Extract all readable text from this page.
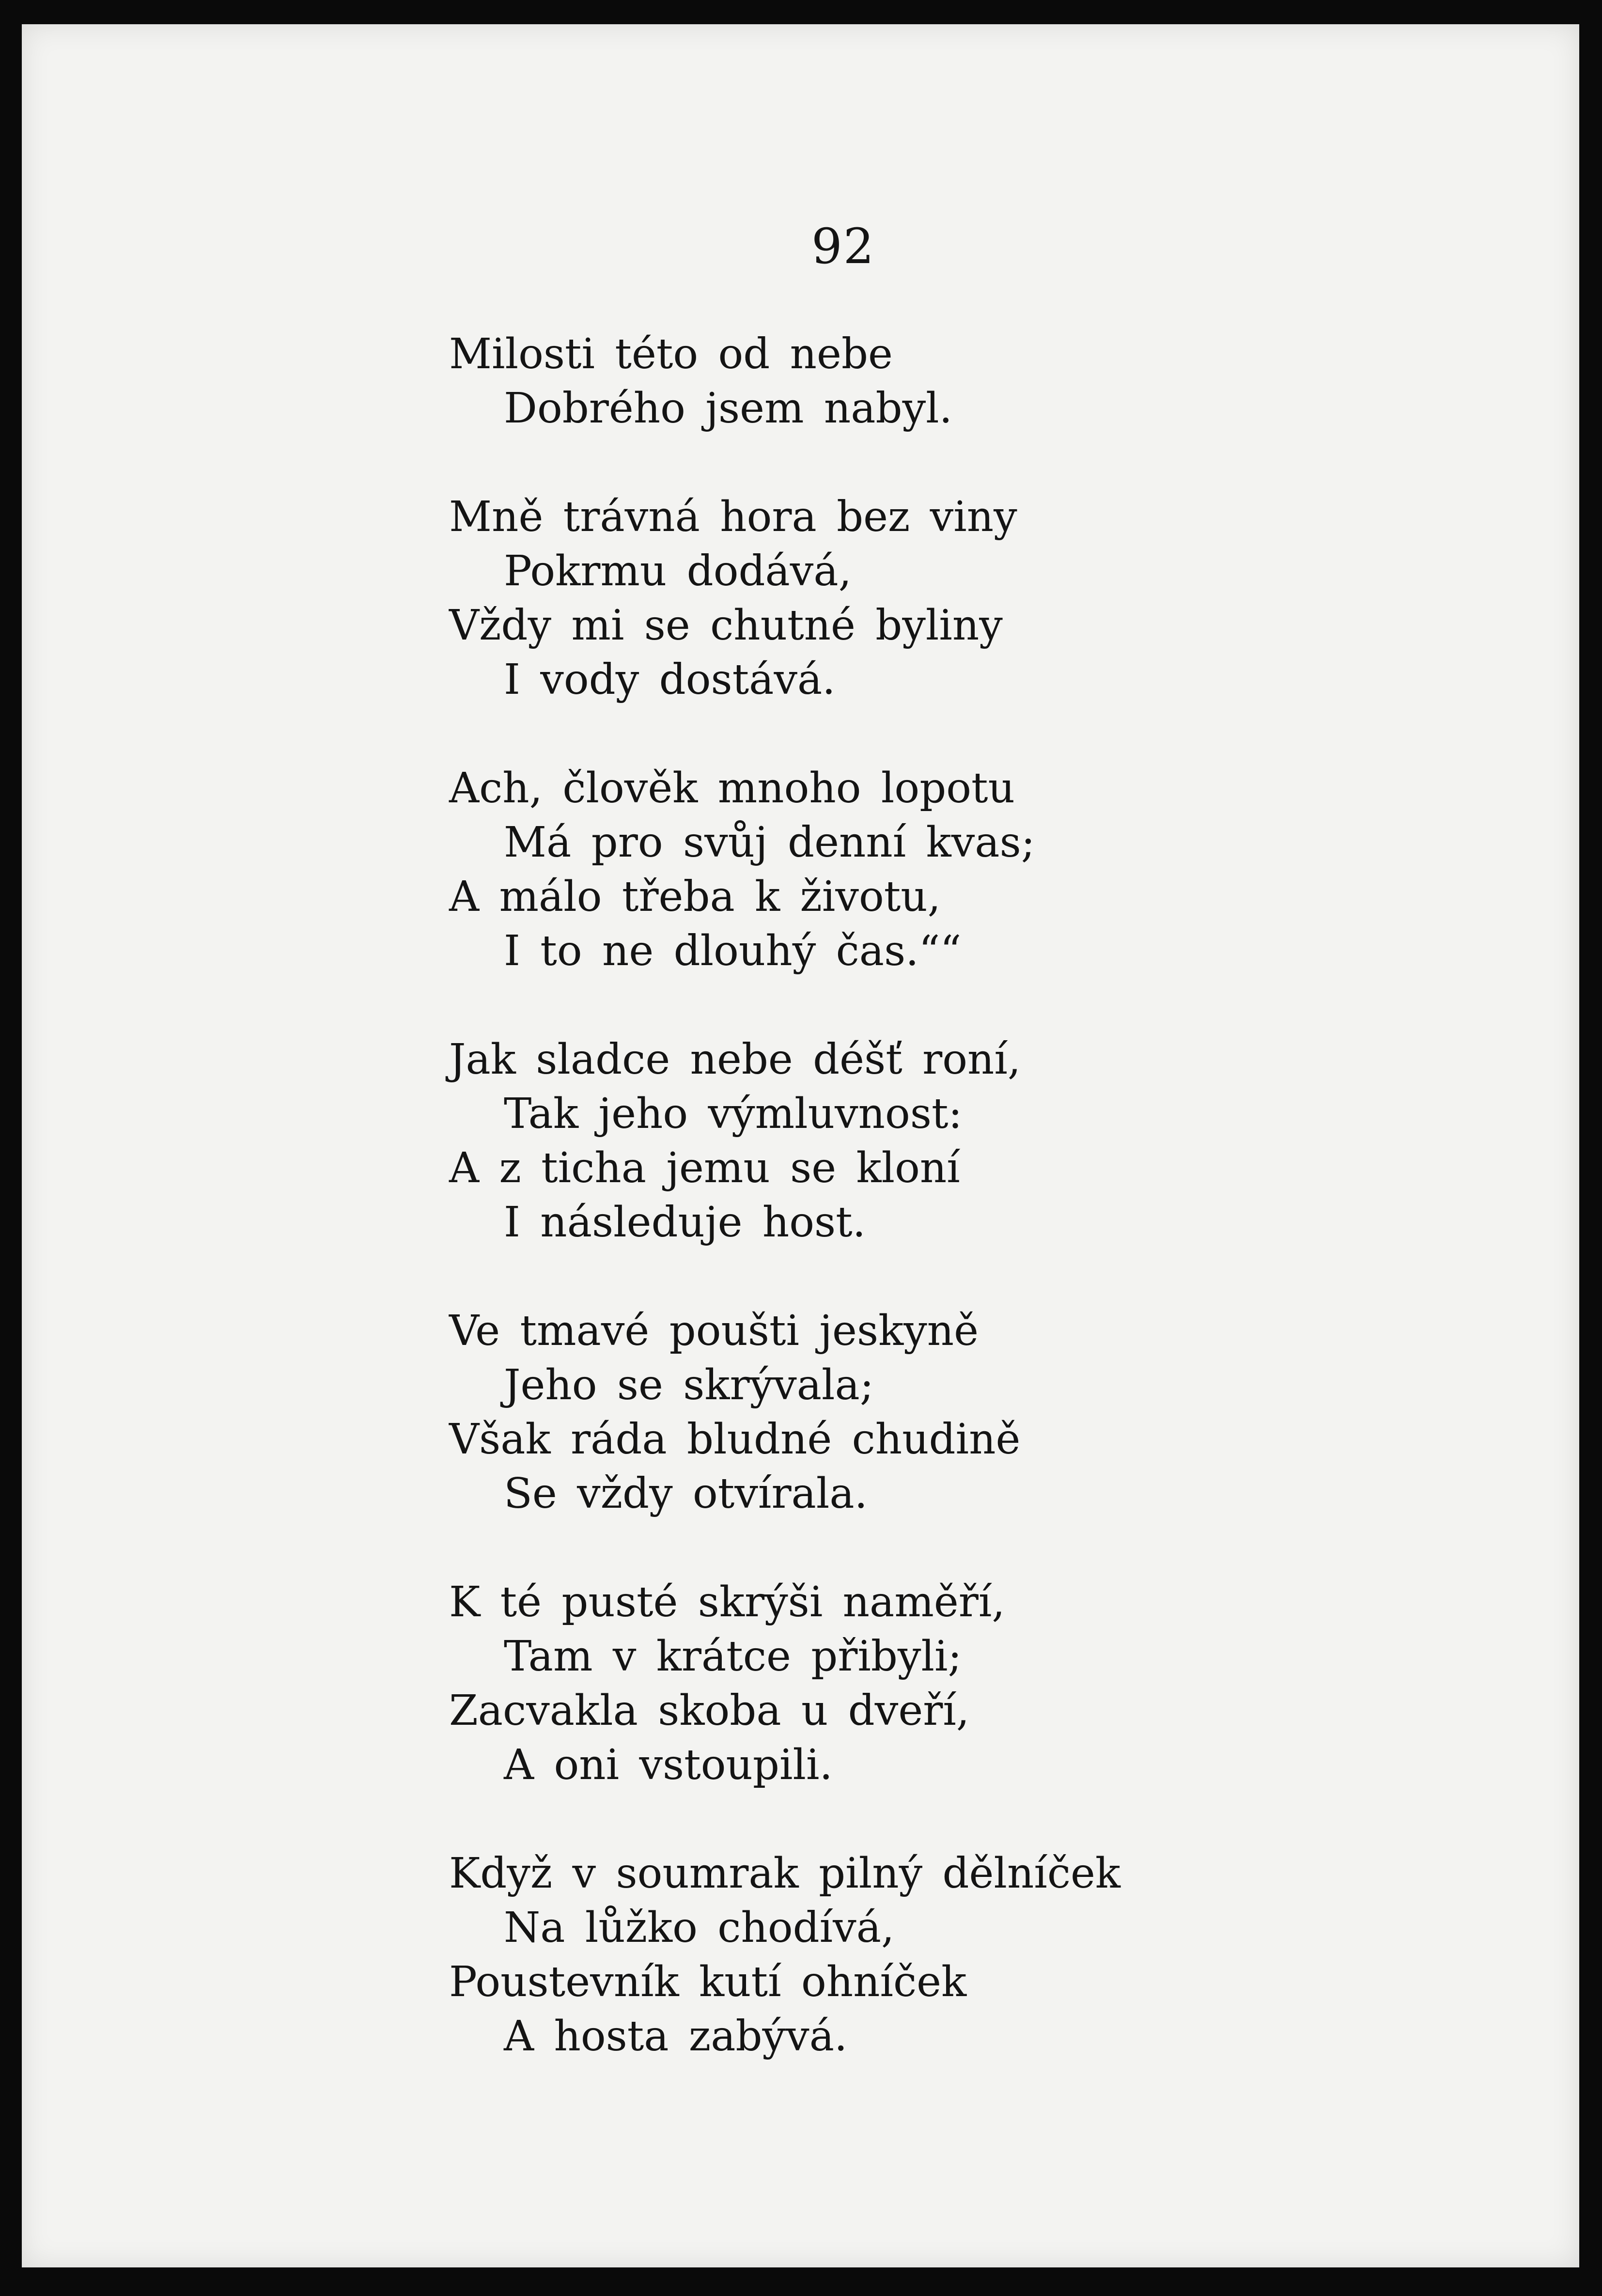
92
Milosti této od nebe
Dobrého jsem nabyl.
Mně trávná hora bez viny
Pokrmu dodává,
Vždy mi se chutné byliny
I vody dostává.
Ach, člověk mnoho lopotu
Má pro svůj denní kvas;
A málo třeba k životu,
I to ne dlouhý čas.““
Jak sladce nebe déšť roní,
Tak jeho výmluvnost:
A z ticha jemu se kloní
I následuje host.
Ve tmavé poušti jeskyně
Jeho se skrývala;
Však ráda bludné chudině
Se vždy otvírala.
K té pusté skrýši naměří,
Tam v krátce přibyli;
Zacvakla skoba u dveří,
A oni vstoupili.
Když v soumrak pilný dělníček
Na lůžko chodívá,
Poustevník kutí ohníček
A hosta zabývá.
